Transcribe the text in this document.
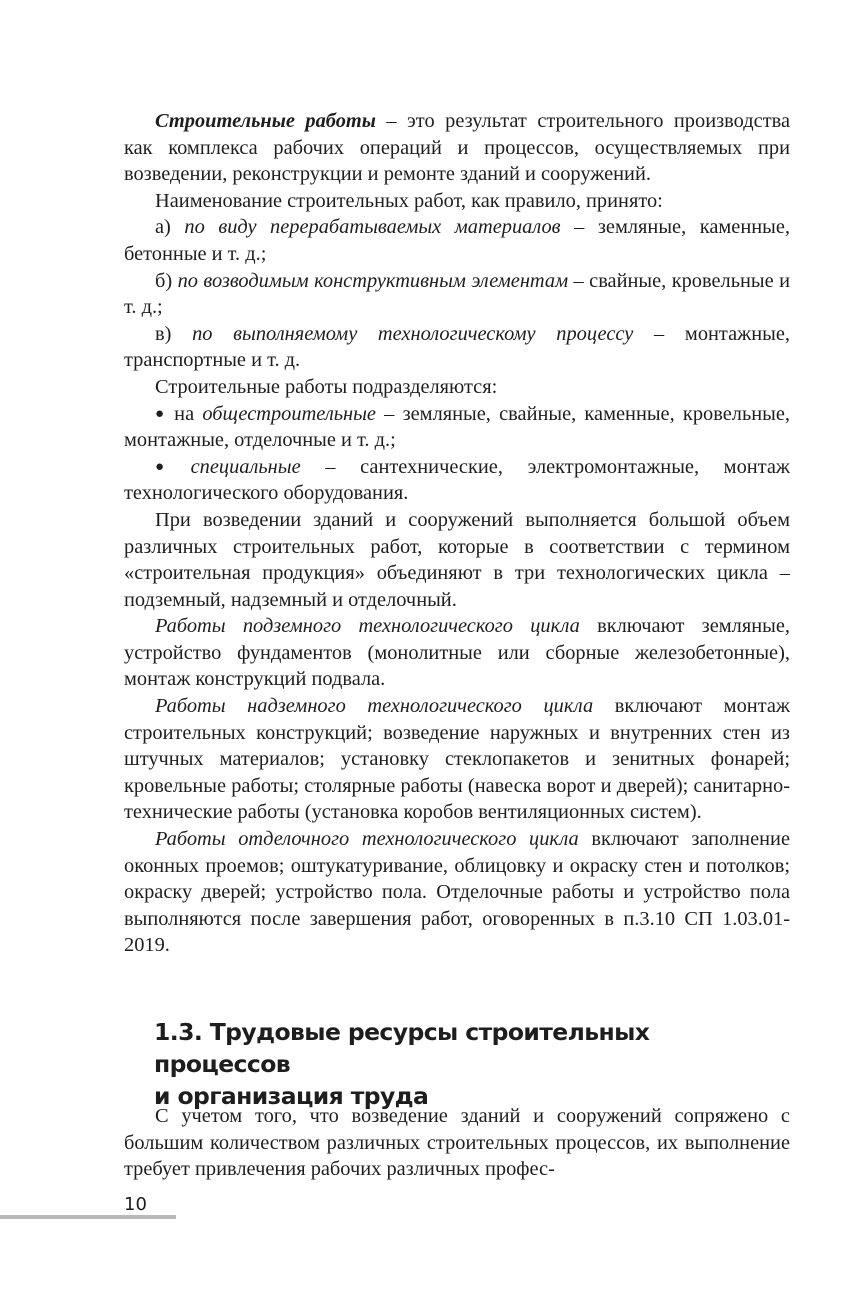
Строительные работы – это результат строительного производства как комплекса рабочих операций и процессов, осуществляемых при возведении, реконструкции и ремонте зданий и сооружений.

Наименование строительных работ, как правило, принято:

а) по виду перерабатываемых материалов – земляные, каменные, бетонные и т. д.;

б) по возводимым конструктивным элементам – свайные, кровельные и т. д.;

в) по выполняемому технологическому процессу – монтажные, транспортные и т. д.

Строительные работы подразделяются:

● на общестроительные – земляные, свайные, каменные, кровельные, монтажные, отделочные и т. д.;

● специальные – сантехнические, электромонтажные, монтаж технологического оборудования.

При возведении зданий и сооружений выполняется большой объем различных строительных работ, которые в соответствии с термином «строительная продукция» объединяют в три технологических цикла – подземный, надземный и отделочный.

Работы подземного технологического цикла включают земляные, устройство фундаментов (монолитные или сборные железобетонные), монтаж конструкций подвала.

Работы надземного технологического цикла включают монтаж строительных конструкций; возведение наружных и внутренних стен из штучных материалов; установку стеклопакетов и зенитных фонарей; кровельные работы; столярные работы (навеска ворот и дверей); санитарно-технические работы (установка коробов вентиляционных систем).

Работы отделочного технологического цикла включают заполнение оконных проемов; оштукатуривание, облицовку и окраску стен и потолков; окраску дверей; устройство пола. Отделочные работы и устройство пола выполняются после завершения работ, оговоренных в п.3.10 СП 1.03.01-2019.

1.3. Трудовые ресурсы строительных процессов
и организация труда

С учетом того, что возведение зданий и сооружений сопряжено с большим количеством различных строительных процессов, их выполнение требует привлечения рабочих различных профес-

10
